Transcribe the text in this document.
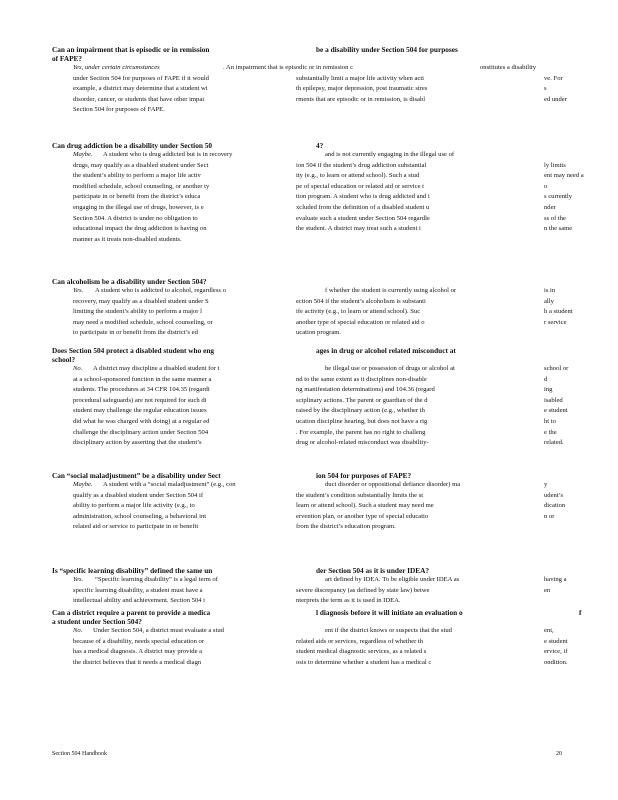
Can an impairment that is episodic or in remission	be a disability under Section 504 for purposes
of FAPE?
Yes, under certain circumstances	. An impairment that is episodic or in remission c	onstitutes a disability
under Section 504 for purposes of FAPE if it would	substantially limit a major life activity when acti	ve. For
example, a district may determine that a student wi	th epilepsy, major depression, post traumatic stres	s
disorder, cancer, or students that have other impai	rments that are episodic or in remission, is disabl	ed under
Section 504 for purposes of FAPE.
Can drug addiction be a disability under Section 50	4?
Maybe. A student who is drug addicted but is in recovery	and is not currently engaging in the illegal use of
drugs, may qualify as a disabled student under Sect	ion 504 if the student’s drug addiction substantial	ly limits
the student’s ability to perform a major life activ	ity (e.g., to learn or attend school). Such a stud	ent may need a
modified schedule, school counseling, or another ty	pe of special education or related aid or service t	o
participate in or benefit from the district’s educa	tion program. A student who is drug addicted and i	s currently
engaging in the illegal use of drugs, however, is e	xcluded from the definition of a disabled student u	nder
Section 504. A district is under no obligation to	evaluate such a student under Section 504 regardle	ss of the
educational impact the drug addiction is having on	the student. A district may treat such a student i	n the same
manner as it treats non-disabled students.
Can alcoholism be a disability under Section 504?
Yes. A student who is addicted to alcohol, regardless o	f whether the student is currently using alcohol or	is in
recovery, may qualify as a disabled student under S	ection 504 if the student’s alcoholism is substanti	ally
limiting the student’s ability to perform a major l	ife activity (e.g., to learn or attend school). Suc	h a student
may need a modified schedule, school counseling, or	another type of special education or related aid o	r service
to participate in or benefit from the district’s ed	ucation program.
Does Section 504 protect a disabled student who eng	ages in drug or alcohol related misconduct at
school?
No. A district may discipline a disabled student for t	he illegal use or possession of drugs or alcohol at	school or
at a school-sponsored function in the same manner a	nd to the same extent as it disciplines non-disable	d
students. The procedures at 34 CFR 104.35 (regardi	ng manifestation determinations) and 104.36 (regard	ing
procedural safeguards) are not required for such di	sciplinary actions. The parent or guardian of the d	isabled
student may challenge the regular education issues	raised by the disciplinary action (e.g., whether th	e student
did what he was charged with doing) at a regular ed	ucation discipline hearing, but does not have a rig	ht to
challenge the disciplinary action under Section 504	. For example, the parent has no right to challeng	e the
disciplinary action by asserting that the student’s	drug or alcohol-related misconduct was disability-	related.
Can “social maladjustment” be a disability under Sect	ion 504 for purposes of FAPE?
Maybe. A student with a “social maladjustment” (e.g., con	duct disorder or oppositional defiance disorder) ma	y
qualify as a disabled student under Section 504 if	the student’s condition substantially limits the st	udent’s
ability to perform a major life activity (e.g., to	learn or attend school). Such a student may need me	dication
administration, school counseling, a behavioral int	ervention plan, or another type of special educatio	n or
related aid or service to participate in or benefit	from the district’s education program.
Is “specific learning disability” defined the same un	der Section 504 as it is under IDEA?
Yes. “Specific learning disability” is a legal term of	art defined by IDEA. To be eligible under IDEA as	having a
specific learning disability, a student must have a	severe discrepancy (as defined by state law) betwe	en
intellectual ability and achievement. Section 504 i	nterprets the term as it is used in IDEA.
Can a district require a parent to provide a medica	l diagnosis before it will initiate an evaluation o	f
a student under Section 504?
No. Under Section 504, a district must evaluate a stud	ent if the district knows or suspects that the stud	ent,
because of a disability, needs special education or	related aids or services, regardless of whether th	e student
has a medical diagnosis. A district may provide a	student medical diagnostic services, as a related s	ervice, if
the district believes that it needs a medical diagn	osis to determine whether a student has a medical c	ondition.
Section 504 Handbook	20
